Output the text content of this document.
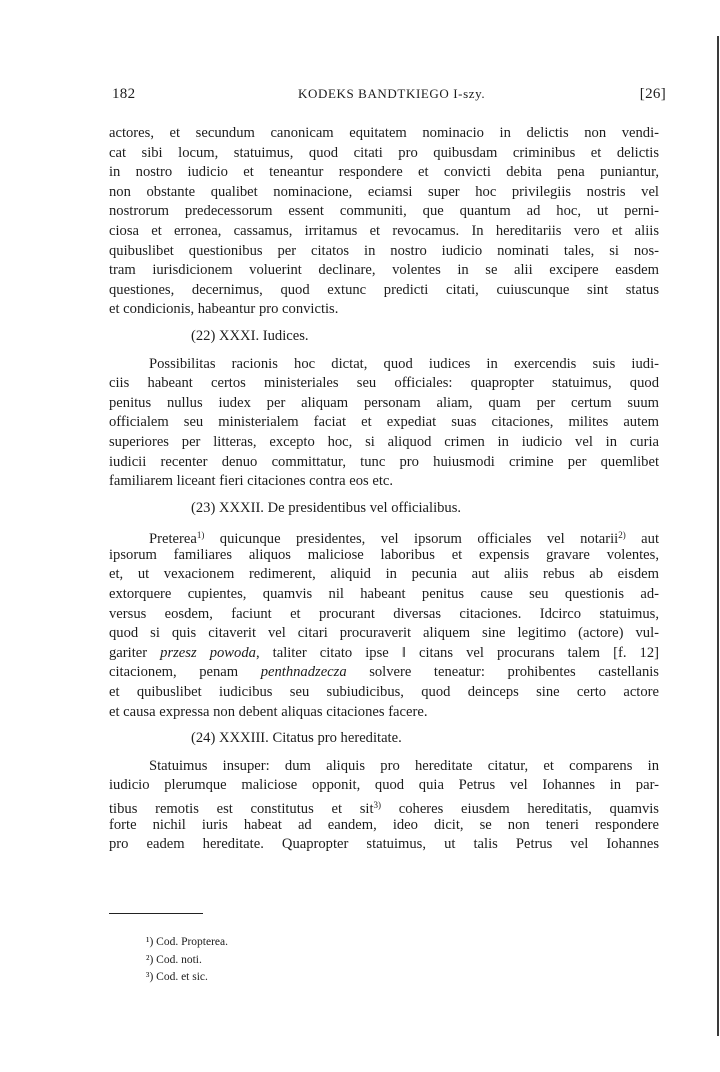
182	KODEKS BANDTKIEGO I-szy.	[26]
actores, et secundum canonicam equitatem nominacio in delictis non vendi-
cat sibi locum, statuimus, quod citati pro quibusdam criminibus et delictis
in nostro iudicio et teneantur respondere et convicti debita pena puniantur,
non obstante qualibet nominacione, eciamsi super hoc privilegiis nostris vel
nostrorum predecessorum essent communiti, que quantum ad hoc, ut perni-
ciosa et erronea, cassamus, irritamus et revocamus. In hereditariis vero et aliis
quibuslibet questionibus per citatos in nostro iudicio nominati tales, si nos-
tram iurisdicionem voluerint declinare, volentes in se alii excipere easdem
questiones, decernimus, quod extunc predicti citati, cuiuscunque sint status
et condicionis, habeantur pro convictis.
(22) XXXI. Iudices.
Possibilitas racionis hoc dictat, quod iudices in exercendis suis iudi-
ciis habeant certos ministeriales seu officiales: quapropter statuimus, quod
penitus nullus iudex per aliquam personam aliam, quam per certum suum
officialem seu ministerialem faciat et expediat suas citaciones, milites autem
superiores per litteras, excepto hoc, si aliquod crimen in iudicio vel in curia
iudicii recenter denuo committatur, tunc pro huiusmodi crimine per quemlibet
familiarem liceant fieri citaciones contra eos etc.
(23) XXXII. De presidentibus vel officialibus.
Preterea$^{1)}$ quicunque presidentes, vel ipsorum officiales vel notarii$^{2)}$ aut
ipsorum familiares aliquos maliciose laboribus et expensis gravare volentes,
et, ut vexacionem redimerent, aliquid in pecunia aut aliis rebus ab eisdem
extorquere cupientes, quamvis nil habeant penitus cause seu questionis ad-
versus eosdem, faciunt et procurant diversas citaciones. Idcirco statuimus,
quod si quis citaverit vel citari procuraverit aliquem sine legitimo (actore) vul-
gariter przesz powoda, taliter citato ipse ‖ citans vel procurans talem [f. 12]
citacionem, penam penthnadzecza solvere teneatur: prohibentes castellanis
et quibuslibet iudicibus seu subiudicibus, quod deinceps sine certo actore
et causa expressa non debent aliquas citaciones facere.
(24) XXXIII. Citatus pro hereditate.
Statuimus insuper: dum aliquis pro hereditate citatur, et comparens in
iudicio plerumque maliciose opponit, quod quia Petrus vel Iohannes in par-
tibus remotis est constitutus et sit$^{3)}$ coheres eiusdem hereditatis, quamvis
forte nichil iuris habeat ad eandem, ideo dicit, se non teneri respondere
pro eadem hereditate. Quapropter statuimus, ut talis Petrus vel Iohannes
¹) Cod. Propterea.
²) Cod. noti.
³) Cod. et sic.
